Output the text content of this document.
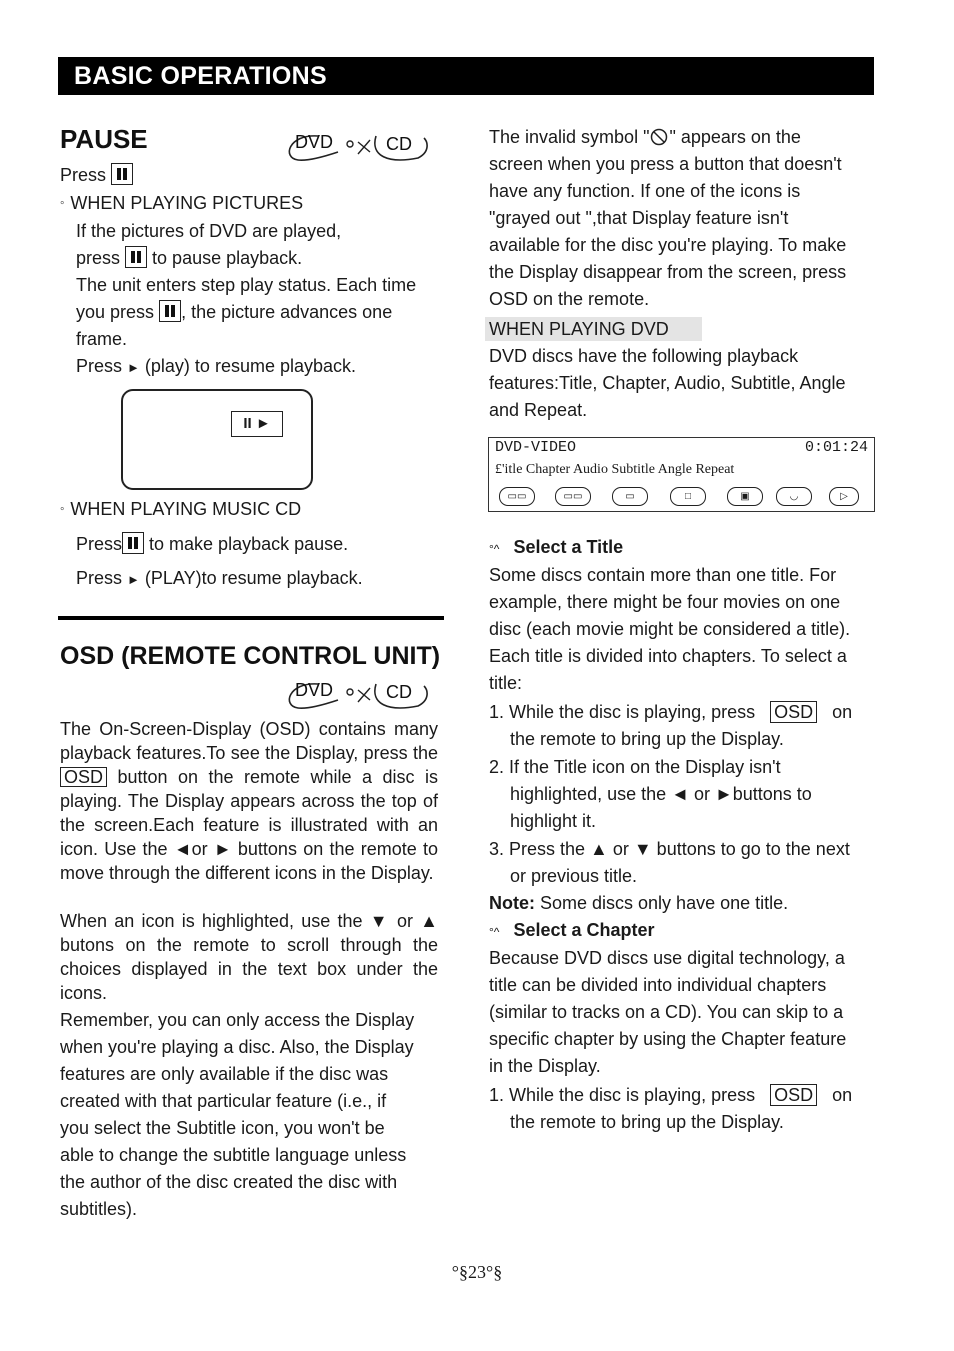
BASIC OPERATIONS
PAUSE	DVD	CD
Press
° WHEN PLAYING PICTURES
If the pictures of DVD are played,
press to pause playback.
The unit enters step play status. Each time
you press , the picture advances one
frame.
Press ► (play) to resume playback.
II ►
° WHEN PLAYING MUSIC CD
Press to make playback pause.
Press ► (PLAY)to resume playback.
OSD (REMOTE CONTROL UNIT)
DVD	CD
The On-Screen-Display (OSD) contains many playback features.To see the Display, press the OSD button on the remote while a disc is playing. The Display appears across the top of the screen.Each feature is illustrated with an icon. Use the ◄or ► buttons on the remote to move through the different icons in the Display.
When an icon is highlighted, use the ▼ or ▲ butons on the remote to scroll through the choices displayed in the text box under the icons.
Remember, you can only access the Display
when you're playing a disc. Also, the Display
features are only available if the disc was
created with that particular feature (i.e., if
you select the Subtitle icon, you won't be
able to change the subtitle language unless
the author of the disc created the disc with
subtitles).
The invalid symbol " " appears on the
screen when you press a button that doesn't
have any function. If one of the icons is
"grayed out ",that Display feature isn't
available for the disc you're playing. To make
the Display disappear from the screen, press
OSD on the remote.
WHEN PLAYING DVD
DVD discs have the following playback
features:Title, Chapter, Audio, Subtitle, Angle
and Repeat.
DVD-VIDEO	0:01:24
£'itle Chapter Audio Subtitle Angle Repeat
▭▭	▭▭	▭	□	▣	◡	▷
°^ Select a Title
Some discs contain more than one title. For
example, there might be four movies on one
disc (each movie might be considered a title).
Each title is divided into chapters. To select a
title:
1. While the disc is playing, press OSD on
the remote to bring up the Display.
2. If the Title icon on the Display isn't
highlighted, use the ◄ or ►buttons to
highlight it.
3. Press the ▲ or ▼ buttons to go to the next
or previous title.
Note: Some discs only have one title.
°^ Select a Chapter
Because DVD discs use digital technology, a
title can be divided into individual chapters
(similar to tracks on a CD). You can skip to a
specific chapter by using the Chapter feature
in the Display.
1. While the disc is playing, press OSD on
the remote to bring up the Display.
°§23°§
